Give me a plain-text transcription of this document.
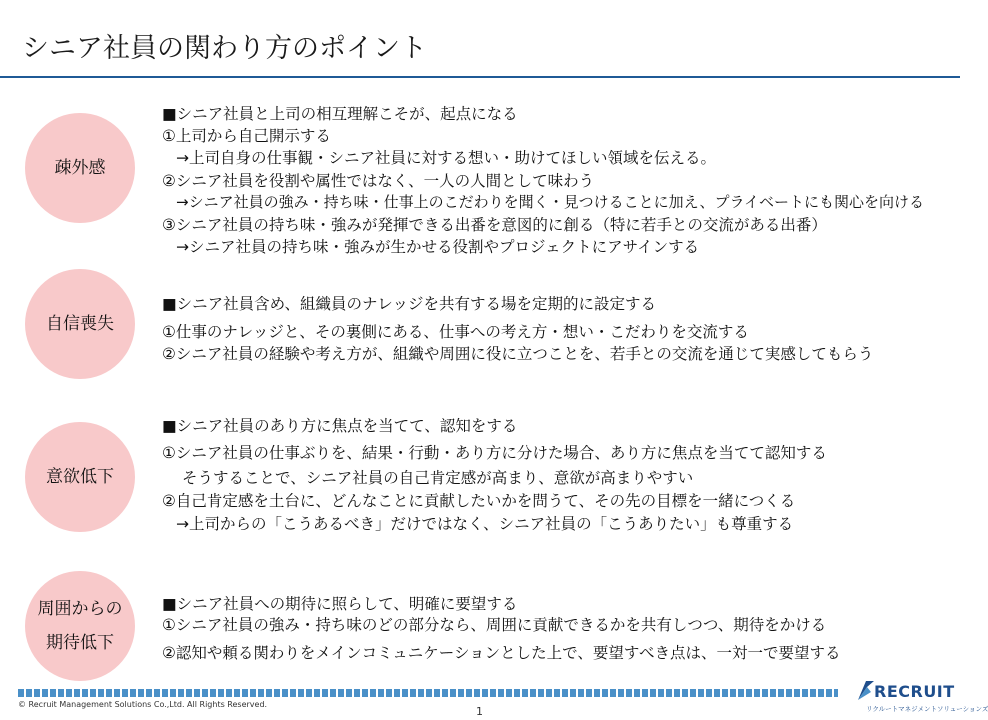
シニア社員の関わり方のポイント
疎外感
■シニア社員と上司の相互理解こそが、起点になる
①上司から自己開示する
→上司自身の仕事観・シニア社員に対する想い・助けてほしい領域を伝える。
②シニア社員を役割や属性ではなく、一人の人間として味わう
→シニア社員の強み・持ち味・仕事上のこだわりを聞く・見つけることに加え、プライベートにも関心を向ける
③シニア社員の持ち味・強みが発揮できる出番を意図的に創る（特に若手との交流がある出番）
→シニア社員の持ち味・強みが生かせる役割やプロジェクトにアサインする
自信喪失
■シニア社員含め、組織員のナレッジを共有する場を定期的に設定する
①仕事のナレッジと、その裏側にある、仕事への考え方・想い・こだわりを交流する
②シニア社員の経験や考え方が、組織や周囲に役に立つことを、若手との交流を通じて実感してもらう
意欲低下
■シニア社員のあり方に焦点を当てて、認知をする
①シニア社員の仕事ぶりを、結果・行動・あり方に分けた場合、あり方に焦点を当てて認知する
そうすることで、シニア社員の自己肯定感が高まり、意欲が高まりやすい
②自己肯定感を土台に、どんなことに貢献したいかを問うて、その先の目標を一緒につくる
→上司からの「こうあるべき」だけではなく、シニア社員の「こうありたい」も尊重する
周囲からの
期待低下
■シニア社員への期待に照らして、明確に要望する
①シニア社員の強み・持ち味のどの部分なら、周囲に貢献できるかを共有しつつ、期待をかける
②認知や頼る関わりをメインコミュニケーションとした上で、要望すべき点は、一対一で要望する
© Recruit Management Solutions Co.,Ltd. All Rights Reserved.
1
RECRUIT
リクルートマネジメントソリューションズ
